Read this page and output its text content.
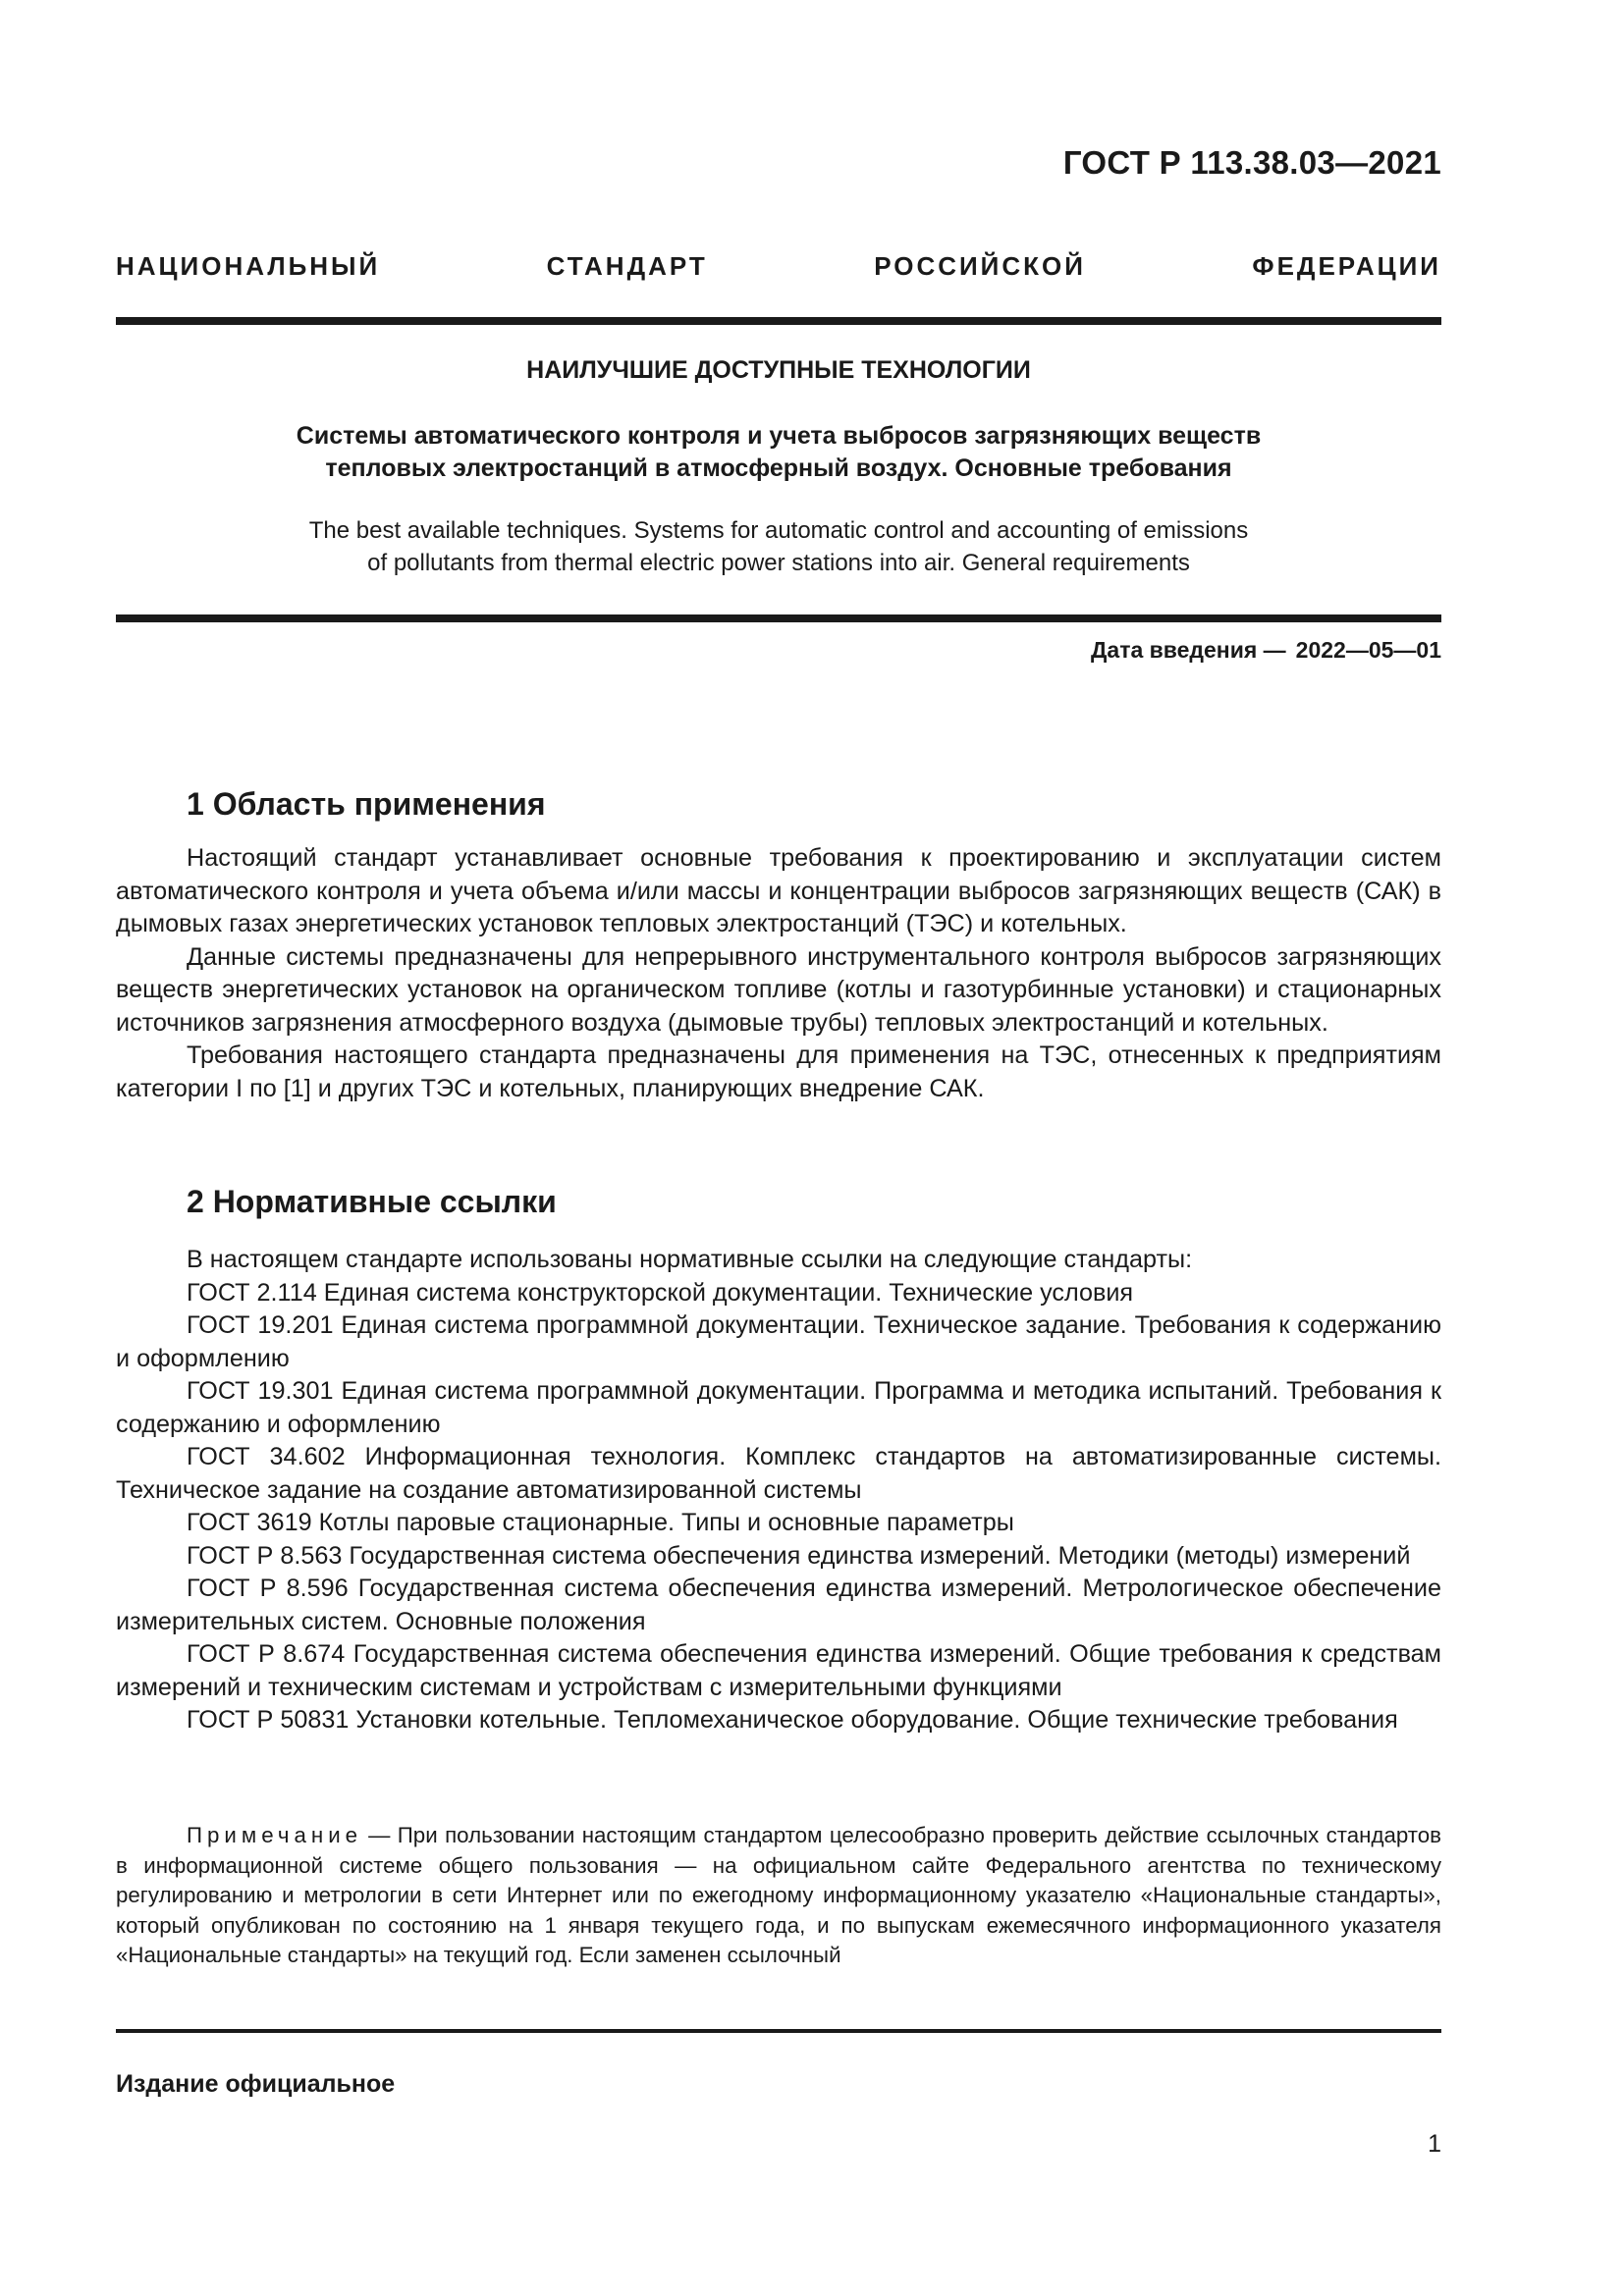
ГОСТ Р 113.38.03—2021
НАЦИОНАЛЬНЫЙ СТАНДАРТ РОССИЙСКОЙ ФЕДЕРАЦИИ
НАИЛУЧШИЕ ДОСТУПНЫЕ ТЕХНОЛОГИИ
Системы автоматического контроля и учета выбросов загрязняющих веществ
тепловых электростанций в атмосферный воздух. Основные требования
The best available techniques. Systems for automatic control and accounting of emissions
of pollutants from thermal electric power stations into air. General requirements
Дата введения — 2022—05—01
1 Область применения

Настоящий стандарт устанавливает основные требования к проектированию и эксплуатации систем автоматического контроля и учета объема и/или массы и концентрации выбросов загрязняющих веществ (САК) в дымовых газах энергетических установок тепловых электростанций (ТЭС) и котельных.

Данные системы предназначены для непрерывного инструментального контроля выбросов загрязняющих веществ энергетических установок на органическом топливе (котлы и газотурбинные установки) и стационарных источников загрязнения атмосферного воздуха (дымовые трубы) тепловых электростанций и котельных.

Требования настоящего стандарта предназначены для применения на ТЭС, отнесенных к предприятиям категории I по [1] и других ТЭС и котельных, планирующих внедрение САК.

2 Нормативные ссылки

В настоящем стандарте использованы нормативные ссылки на следующие стандарты:

ГОСТ 2.114 Единая система конструкторской документации. Технические условия

ГОСТ 19.201 Единая система программной документации. Техническое задание. Требования к содержанию и оформлению

ГОСТ 19.301 Единая система программной документации. Программа и методика испытаний. Требования к содержанию и оформлению

ГОСТ 34.602 Информационная технология. Комплекс стандартов на автоматизированные системы. Техническое задание на создание автоматизированной системы

ГОСТ 3619 Котлы паровые стационарные. Типы и основные параметры

ГОСТ Р 8.563 Государственная система обеспечения единства измерений. Методики (методы) измерений

ГОСТ Р 8.596 Государственная система обеспечения единства измерений. Метрологическое обеспечение измерительных систем. Основные положения

ГОСТ Р 8.674 Государственная система обеспечения единства измерений. Общие требования к средствам измерений и техническим системам и устройствам с измерительными функциями

ГОСТ Р 50831 Установки котельные. Тепломеханическое оборудование. Общие технические требования

Примечание — При пользовании настоящим стандартом целесообразно проверить действие ссылочных стандартов в информационной системе общего пользования — на официальном сайте Федерального агентства по техническому регулированию и метрологии в сети Интернет или по ежегодному информационному указателю «Национальные стандарты», который опубликован по состоянию на 1 января текущего года, и по выпускам ежемесячного информационного указателя «Национальные стандарты» на текущий год. Если заменен ссылочный

Издание официальное
1
